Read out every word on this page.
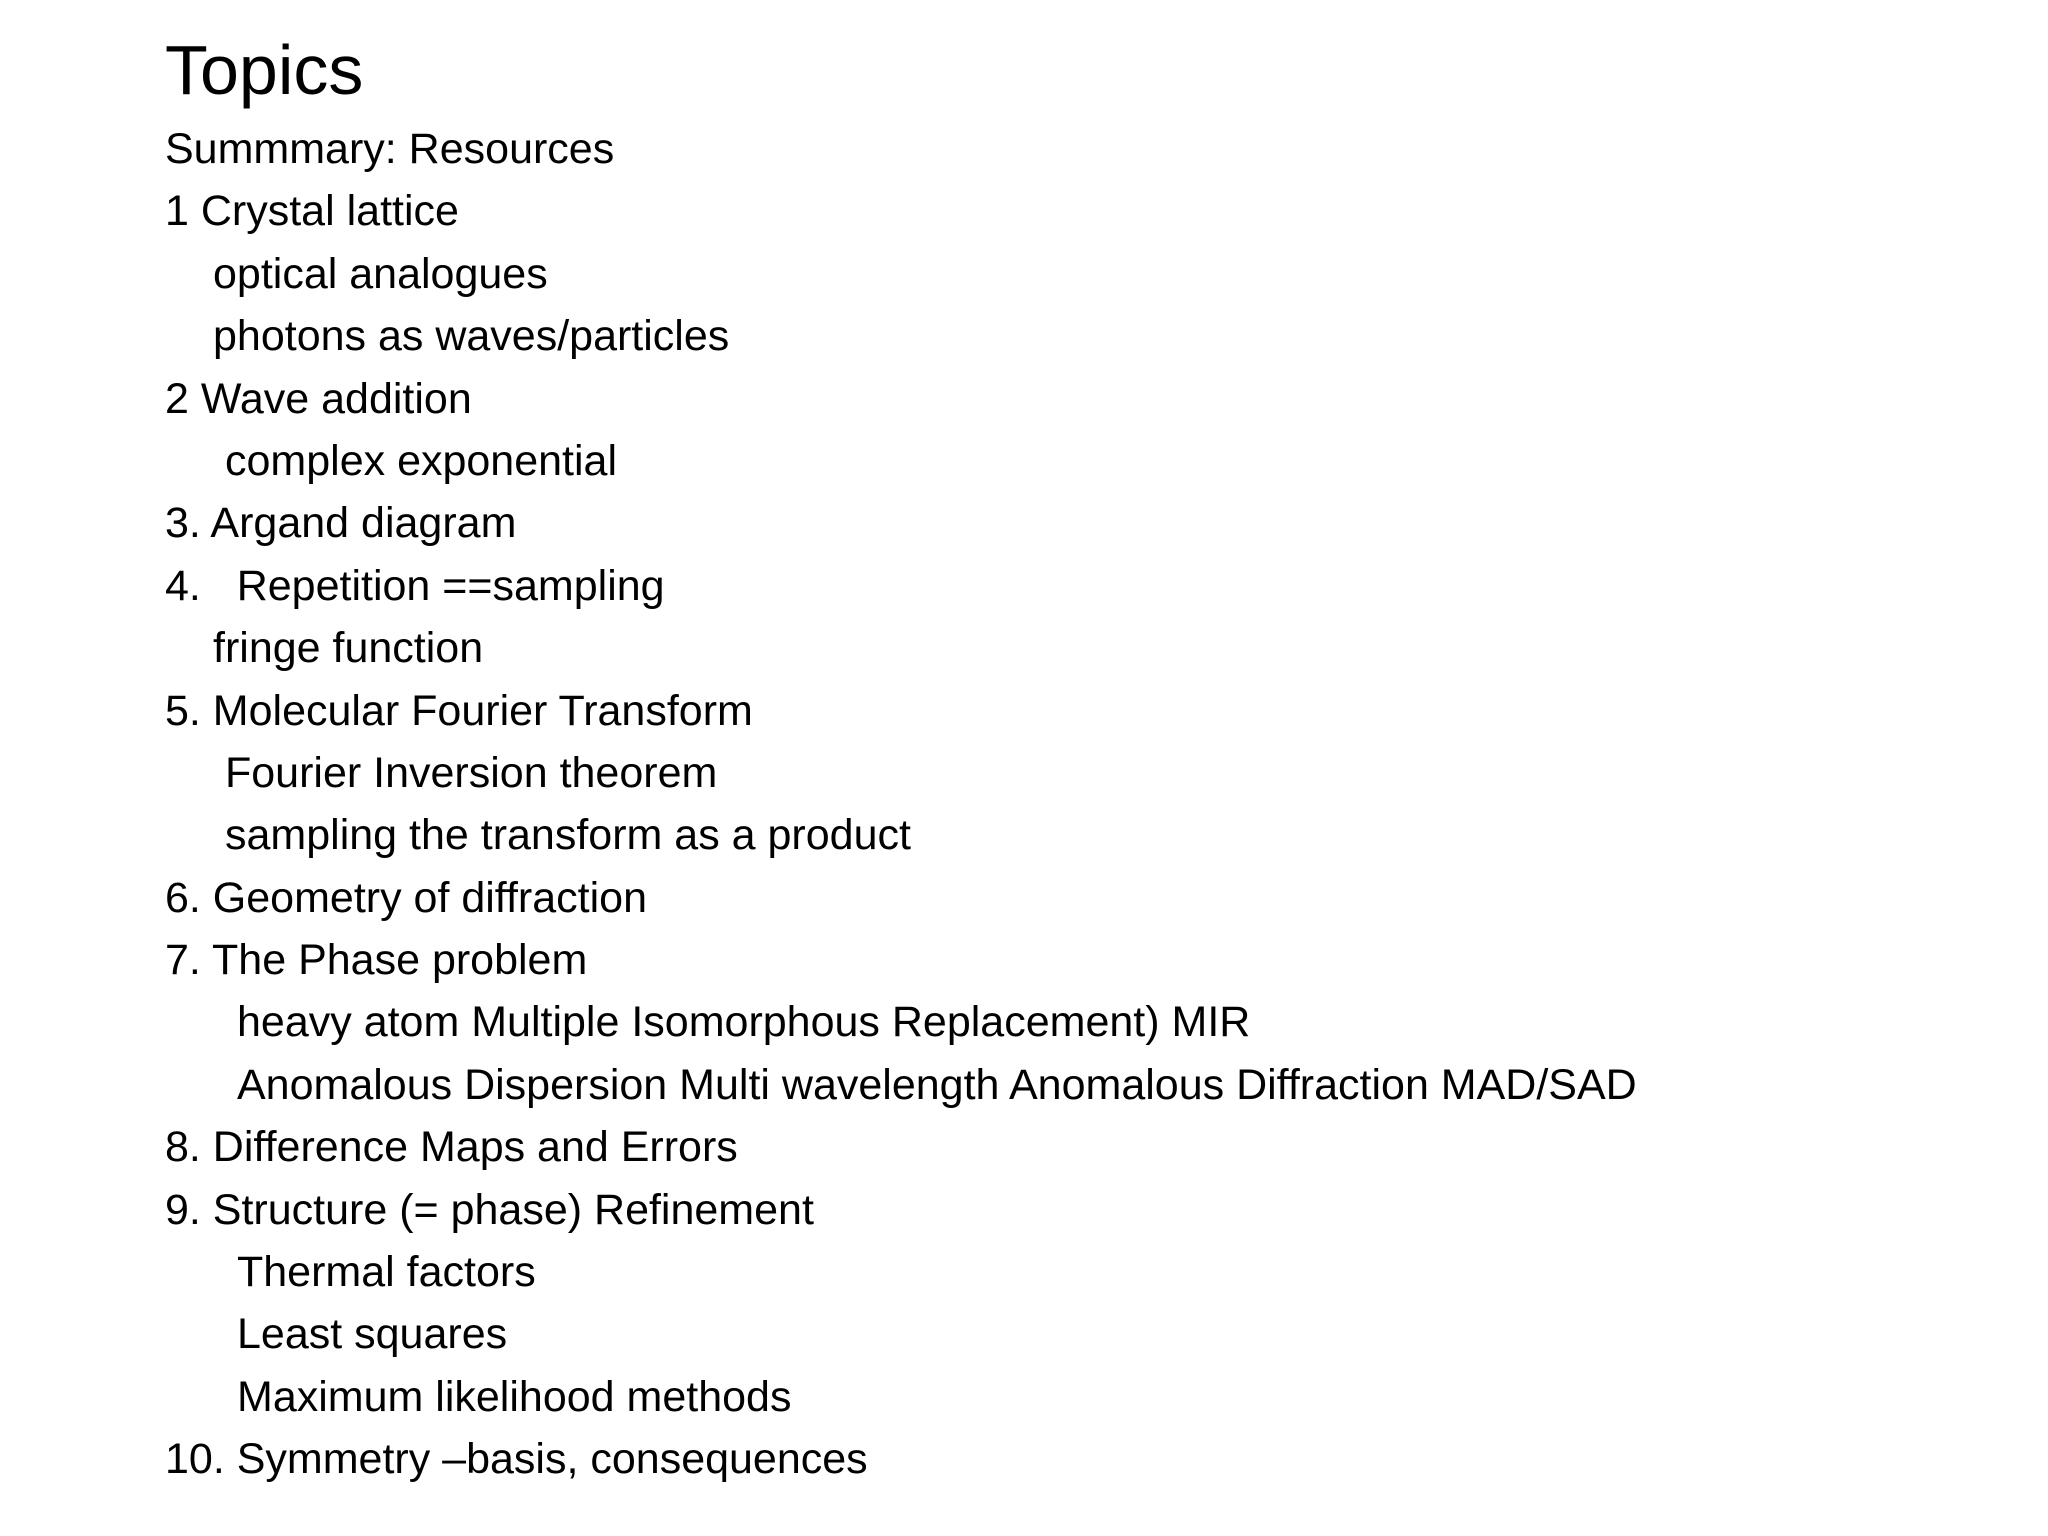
Topics
Summmary: Resources
1 Crystal lattice
optical analogues
photons as waves/particles
2 Wave addition
complex exponential
3. Argand diagram
4.   Repetition ==sampling
fringe function
5. Molecular Fourier Transform
Fourier Inversion theorem
sampling the transform as a product
6. Geometry of diffraction
7. The Phase problem
heavy atom Multiple Isomorphous Replacement) MIR
Anomalous Dispersion Multi wavelength Anomalous Diffraction MAD/SAD
8. Difference Maps and Errors
9. Structure (= phase) Refinement
Thermal factors
Least squares
Maximum likelihood methods
10. Symmetry –basis, consequences
